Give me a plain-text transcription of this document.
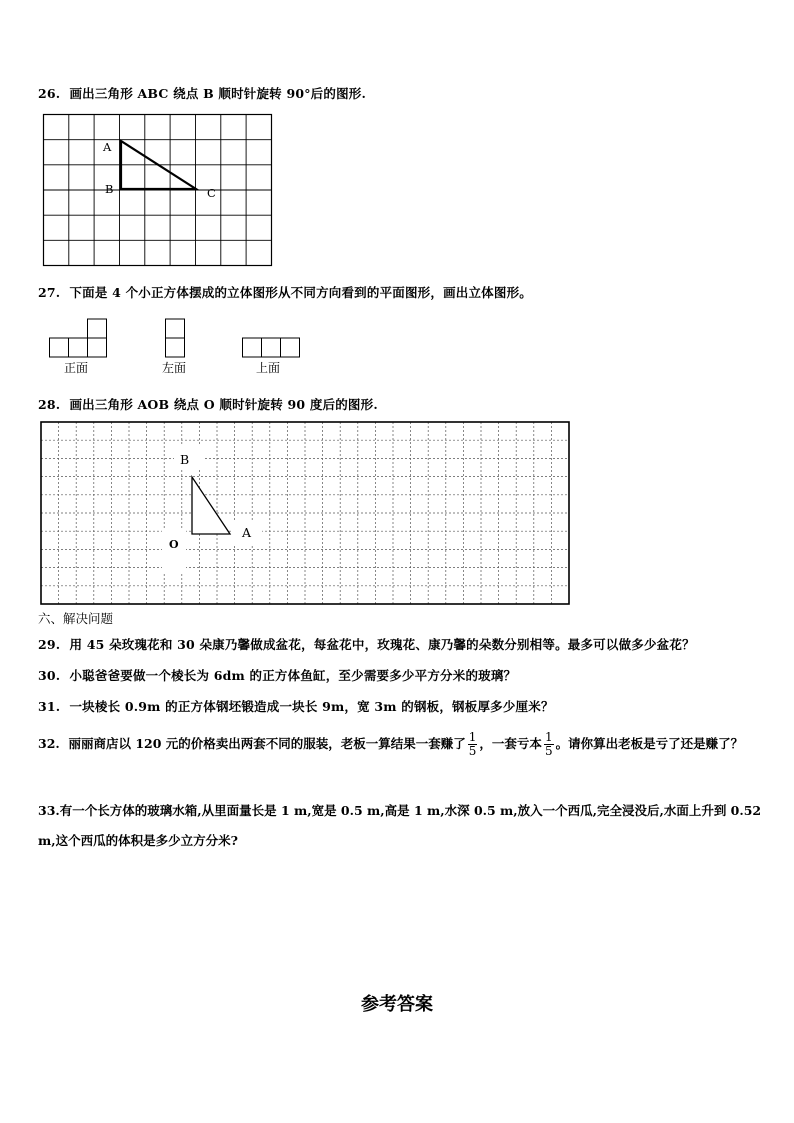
26. 画出三角形 ABC 绕点 B 顺时针旋转 90°后的图形.
A
B	C
27. 下面是 4 个小正方体摆成的立体图形从不同方向看到的平面图形，画出立体图形。
正面	左面	上面
28. 画出三角形 AOB 绕点 O 顺时针旋转 90 度后的图形.
B
A
O
六、解决问题
29. 用 45 朵玫瑰花和 30 朵康乃馨做成盆花，每盆花中，玫瑰花、康乃馨的朵数分别相等。最多可以做多少盆花？
30. 小聪爸爸要做一个棱长为 6dm 的正方体鱼缸，至少需要多少平方分米的玻璃？
31. 一块棱长 0.9m 的正方体钢坯锻造成一块长 9m，宽 3m 的钢板，钢板厚多少厘米？
32. 丽丽商店以 120 元的价格卖出两套不同的服装，老板一算结果一套赚了 $\frac{1}{5}$ ，一套亏本 $\frac{1}{5}$ 。请你算出老板是亏了还是赚了？
33.有一个长方体的玻璃水箱,从里面量长是 1 m,宽是 0.5 m,高是 1 m,水深 0.5 m,放入一个西瓜,完全浸没后,水面上升到 0.52 m,这个西瓜的体积是多少立方分米?
参考答案
